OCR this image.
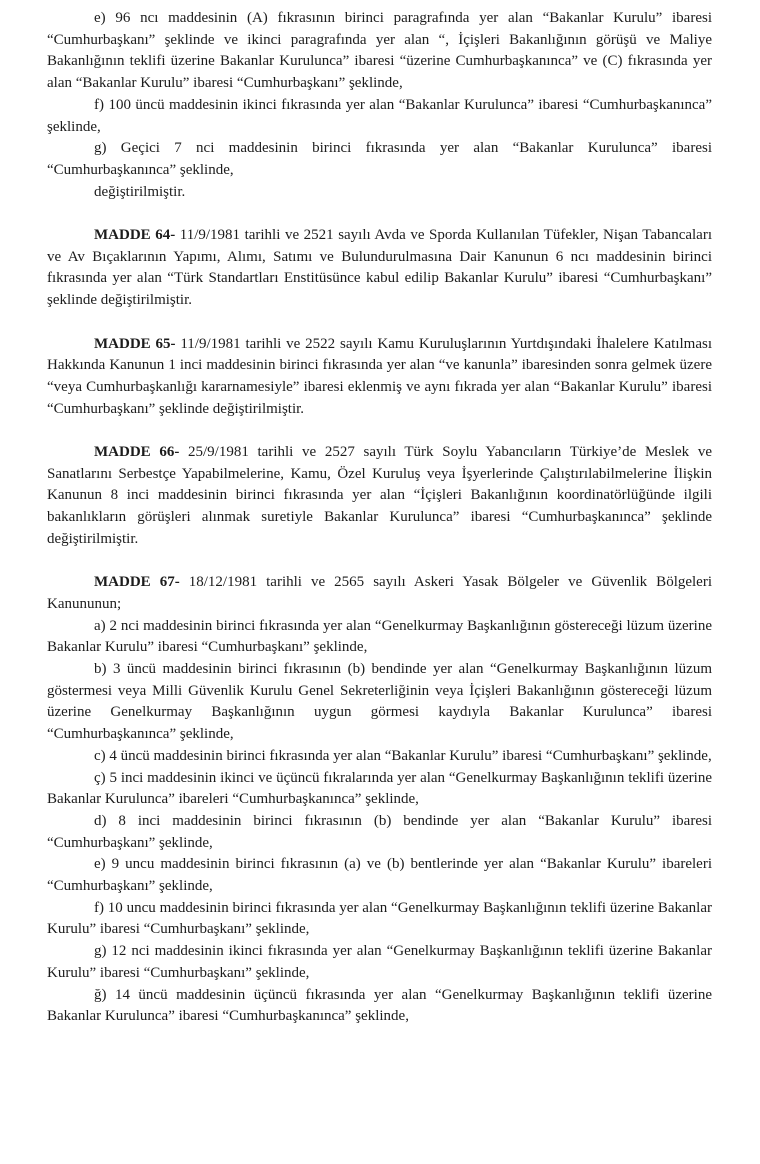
e) 96 ncı maddesinin (A) fıkrasının birinci paragrafında yer alan “Bakanlar Kurulu” ibaresi “Cumhurbaşkanı” şeklinde ve ikinci paragrafında yer alan “, İçişleri Bakanlığının görüşü ve Maliye Bakanlığının teklifi üzerine Bakanlar Kurulunca” ibaresi “üzerine Cumhurbaşkanınca” ve (C) fıkrasında yer alan “Bakanlar Kurulu” ibaresi “Cumhurbaşkanı” şeklinde,

f) 100 üncü maddesinin ikinci fıkrasında yer alan “Bakanlar Kurulunca” ibaresi “Cumhurbaşkanınca” şeklinde,

g) Geçici 7 nci maddesinin birinci fıkrasında yer alan “Bakanlar Kurulunca” ibaresi “Cumhurbaşkanınca” şeklinde,

değiştirilmiştir.

MADDE 64- 11/9/1981 tarihli ve 2521 sayılı Avda ve Sporda Kullanılan Tüfekler, Nişan Tabancaları ve Av Bıçaklarının Yapımı, Alımı, Satımı ve Bulundurulmasına Dair Kanunun 6 ncı maddesinin birinci fıkrasında yer alan “Türk Standartları Enstitüsünce kabul edilip Bakanlar Kurulu” ibaresi “Cumhurbaşkanı” şeklinde değiştirilmiştir.

MADDE 65- 11/9/1981 tarihli ve 2522 sayılı Kamu Kuruluşlarının Yurtdışındaki İhalelere Katılması Hakkında Kanunun 1 inci maddesinin birinci fıkrasında yer alan “ve kanunla” ibaresinden sonra gelmek üzere “veya Cumhurbaşkanlığı kararnamesiyle” ibaresi eklenmiş ve aynı fıkrada yer alan “Bakanlar Kurulu” ibaresi “Cumhurbaşkanı” şeklinde değiştirilmiştir.

MADDE 66- 25/9/1981 tarihli ve 2527 sayılı Türk Soylu Yabancıların Türkiye’de Meslek ve Sanatlarını Serbestçe Yapabilmelerine, Kamu, Özel Kuruluş veya İşyerlerinde Çalıştırılabilmelerine İlişkin Kanunun 8 inci maddesinin birinci fıkrasında yer alan “İçişleri Bakanlığının koordinatörlüğünde ilgili bakanlıkların görüşleri alınmak suretiyle Bakanlar Kurulunca” ibaresi “Cumhurbaşkanınca” şeklinde değiştirilmiştir.

MADDE 67- 18/12/1981 tarihli ve 2565 sayılı Askeri Yasak Bölgeler ve Güvenlik Bölgeleri Kanununun;

a) 2 nci maddesinin birinci fıkrasında yer alan “Genelkurmay Başkanlığının göstereceği lüzum üzerine Bakanlar Kurulu” ibaresi “Cumhurbaşkanı” şeklinde,

b) 3 üncü maddesinin birinci fıkrasının (b) bendinde yer alan “Genelkurmay Başkanlığının lüzum göstermesi veya Milli Güvenlik Kurulu Genel Sekreterliğinin veya İçişleri Bakanlığının göstereceği lüzum üzerine Genelkurmay Başkanlığının uygun görmesi kaydıyla Bakanlar Kurulunca” ibaresi “Cumhurbaşkanınca” şeklinde,

c) 4 üncü maddesinin birinci fıkrasında yer alan “Bakanlar Kurulu” ibaresi “Cumhurbaşkanı” şeklinde,

ç) 5 inci maddesinin ikinci ve üçüncü fıkralarında yer alan “Genelkurmay Başkanlığının teklifi üzerine Bakanlar Kurulunca” ibareleri “Cumhurbaşkanınca” şeklinde,

d) 8 inci maddesinin birinci fıkrasının (b) bendinde yer alan “Bakanlar Kurulu” ibaresi “Cumhurbaşkanı” şeklinde,

e) 9 uncu maddesinin birinci fıkrasının (a) ve (b) bentlerinde yer alan “Bakanlar Kurulu” ibareleri “Cumhurbaşkanı” şeklinde,

f) 10 uncu maddesinin birinci fıkrasında yer alan “Genelkurmay Başkanlığının teklifi üzerine Bakanlar Kurulu” ibaresi “Cumhurbaşkanı” şeklinde,

g) 12 nci maddesinin ikinci fıkrasında yer alan “Genelkurmay Başkanlığının teklifi üzerine Bakanlar Kurulu” ibaresi “Cumhurbaşkanı” şeklinde,

ğ) 14 üncü maddesinin üçüncü fıkrasında yer alan “Genelkurmay Başkanlığının teklifi üzerine Bakanlar Kurulunca” ibaresi “Cumhurbaşkanınca” şeklinde,
